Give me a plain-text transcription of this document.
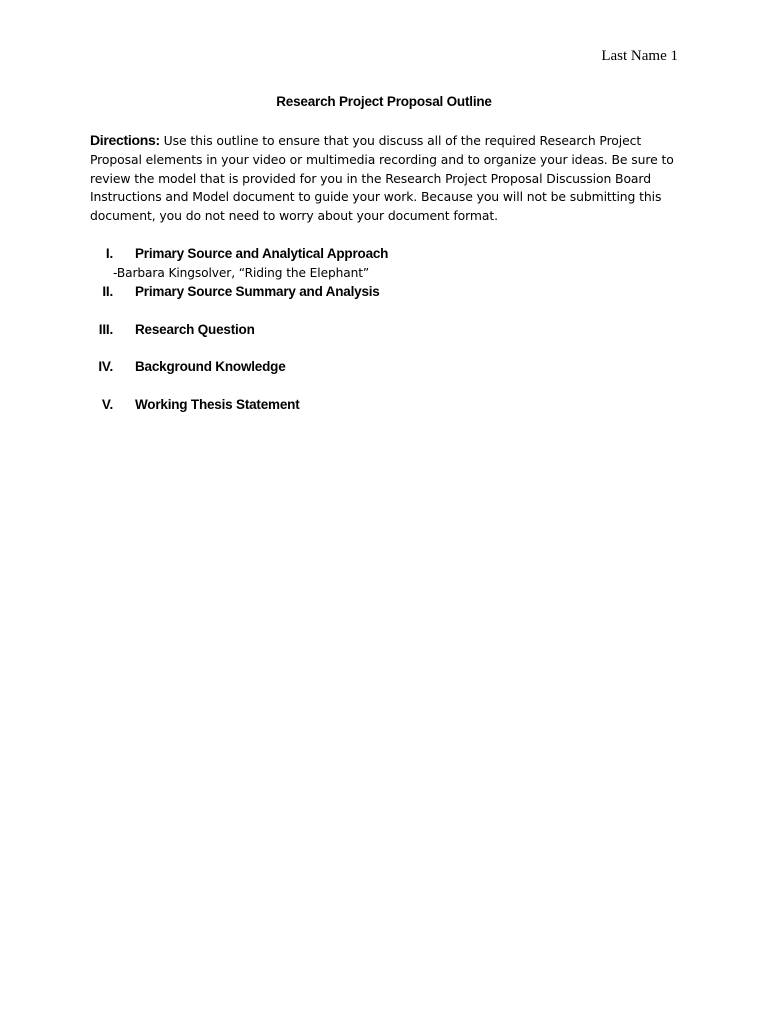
Last Name 1
Research Project Proposal Outline
Directions: Use this outline to ensure that you discuss all of the required Research Project Proposal elements in your video or multimedia recording and to organize your ideas. Be sure to review the model that is provided for you in the Research Project Proposal Discussion Board Instructions and Model document to guide your work. Because you will not be submitting this document, you do not need to worry about your document format.
I. Primary Source and Analytical Approach
-Barbara Kingsolver, “Riding the Elephant”
II. Primary Source Summary and Analysis
III. Research Question
IV. Background Knowledge
V. Working Thesis Statement
